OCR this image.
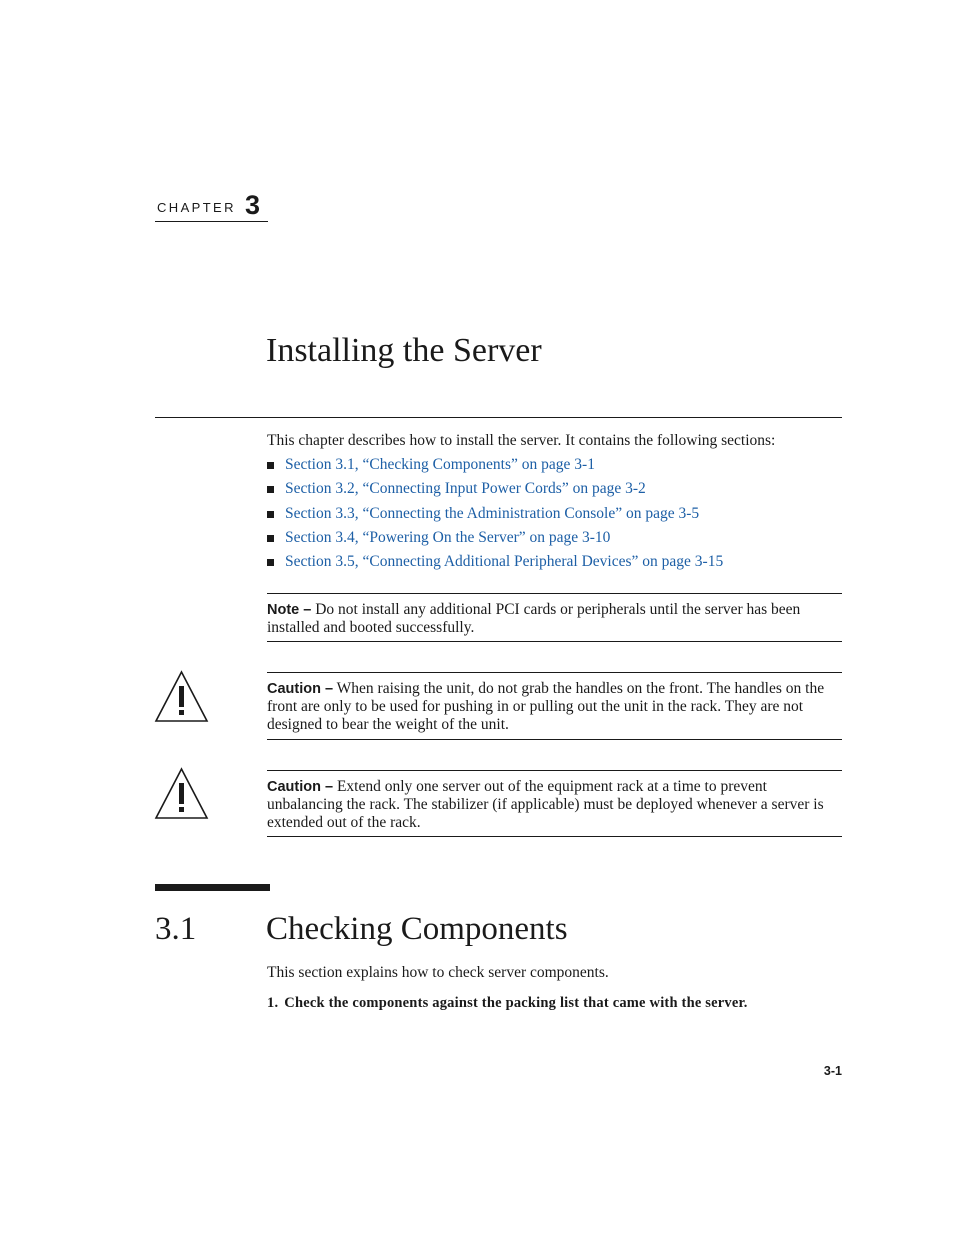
CHAPTER 3
Installing the Server
This chapter describes how to install the server. It contains the following sections:
Section 3.1, “Checking Components” on page 3-1
Section 3.2, “Connecting Input Power Cords” on page 3-2
Section 3.3, “Connecting the Administration Console” on page 3-5
Section 3.4, “Powering On the Server” on page 3-10
Section 3.5, “Connecting Additional Peripheral Devices” on page 3-15
Note – Do not install any additional PCI cards or peripherals until the server has been installed and booted successfully.
Caution – When raising the unit, do not grab the handles on the front. The handles on the front are only to be used for pushing in or pulling out the unit in the rack. They are not designed to bear the weight of the unit.
Caution – Extend only one server out of the equipment rack at a time to prevent unbalancing the rack. The stabilizer (if applicable) must be deployed whenever a server is extended out of the rack.
3.1 Checking Components
This section explains how to check server components.
1. Check the components against the packing list that came with the server.
3-1
